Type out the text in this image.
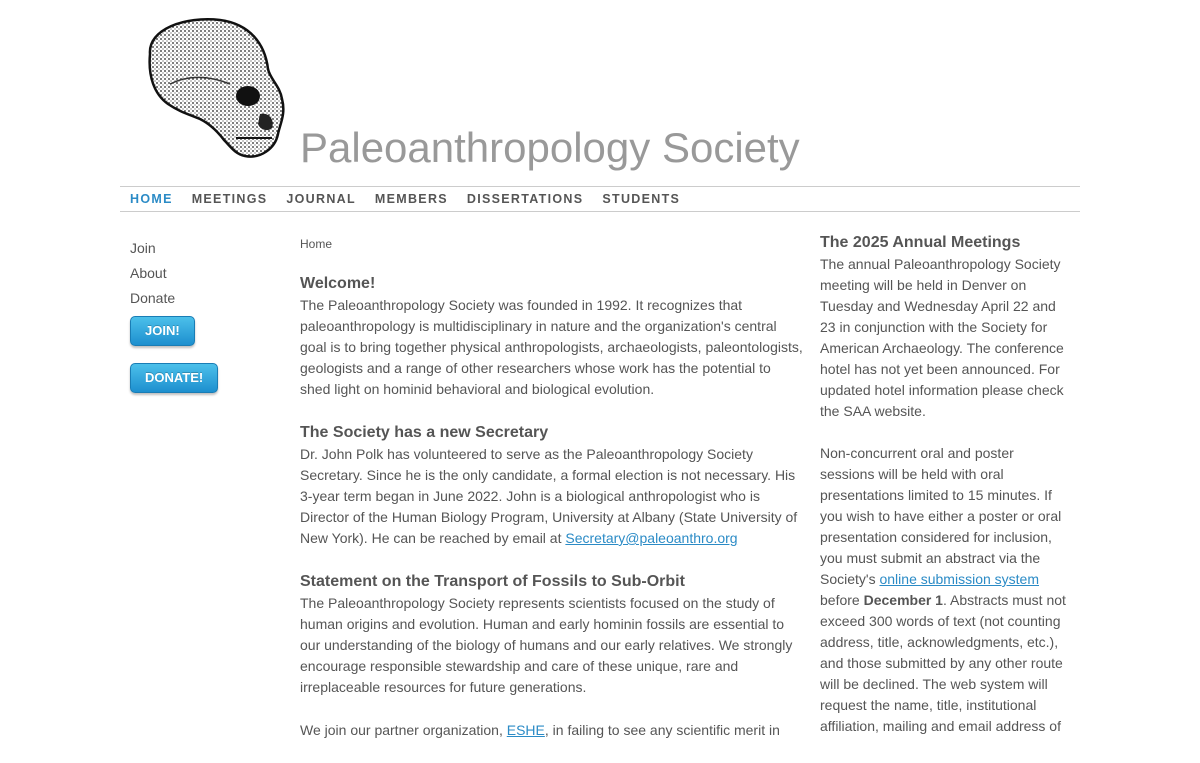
Paleoanthropology Society
HOME MEETINGS JOURNAL MEMBERS DISSERTATIONS STUDENTS
Join
About
Donate
JOIN!
DONATE!
Home
Welcome!

The Paleoanthropology Society was founded in 1992. It recognizes that paleoanthropology is multidisciplinary in nature and the organization's central goal is to bring together physical anthropologists, archaeologists, paleontologists, geologists and a range of other researchers whose work has the potential to shed light on hominid behavioral and biological evolution.

The Society has a new Secretary

Dr. John Polk has volunteered to serve as the Paleoanthropology Society Secretary. Since he is the only candidate, a formal election is not necessary. His 3-year term began in June 2022. John is a biological anthropologist who is Director of the Human Biology Program, University at Albany (State University of New York). He can be reached by email at Secretary@paleoanthro.org

Statement on the Transport of Fossils to Sub-Orbit

The Paleoanthropology Society represents scientists focused on the study of human origins and evolution. Human and early hominin fossils are essential to our understanding of the biology of humans and our early relatives. We strongly encourage responsible stewardship and care of these unique, rare and irreplaceable resources for future generations.

We join our partner organization, ESHE, in failing to see any scientific merit in

The 2025 Annual Meetings

The annual Paleoanthropology Society meeting will be held in Denver on Tuesday and Wednesday April 22 and 23 in conjunction with the Society for American Archaeology. The conference hotel has not yet been announced. For updated hotel information please check the SAA website.

Non-concurrent oral and poster sessions will be held with oral presentations limited to 15 minutes. If you wish to have either a poster or oral presentation considered for inclusion, you must submit an abstract via the Society's online submission system before December 1. Abstracts must not exceed 300 words of text (not counting address, title, acknowledgments, etc.), and those submitted by any other route will be declined. The web system will request the name, title, institutional affiliation, mailing and email address of
